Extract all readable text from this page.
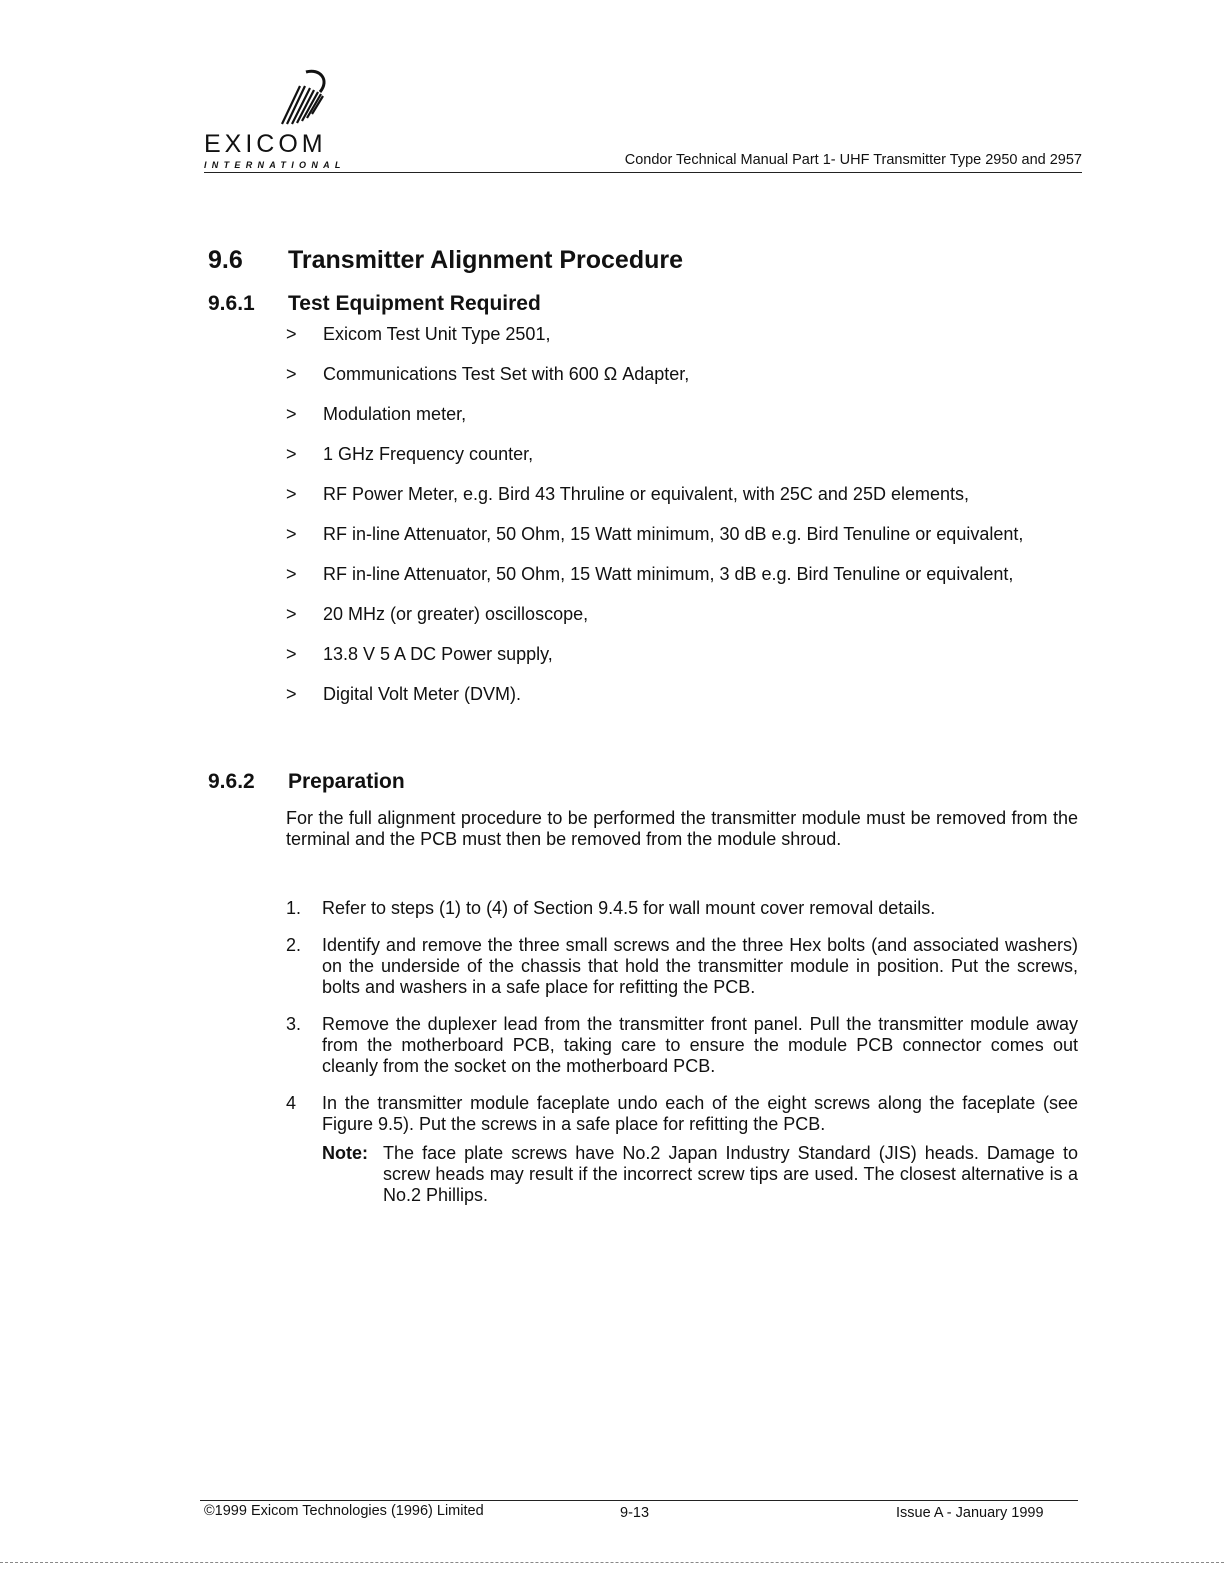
EXICOM
INTERNATIONAL	Condor Technical Manual Part 1- UHF Transmitter Type 2950 and 2957
9.6 Transmitter Alignment Procedure
9.6.1 Test Equipment Required
> Exicom Test Unit Type 2501,
> Communications Test Set with 600 Ω Adapter,
> Modulation meter,
> 1 GHz Frequency counter,
> RF Power Meter, e.g. Bird 43 Thruline or equivalent, with 25C and 25D elements,
> RF in-line Attenuator, 50 Ohm, 15 Watt minimum, 30 dB e.g. Bird Tenuline or equivalent,
> RF in-line Attenuator, 50 Ohm, 15 Watt minimum, 3 dB e.g. Bird Tenuline or equivalent,
> 20 MHz (or greater) oscilloscope,
> 13.8 V 5 A DC Power supply,
> Digital Volt Meter (DVM).
9.6.2 Preparation
For the full alignment procedure to be performed the transmitter module must be removed from the terminal and the PCB must then be removed from the module shroud.
1. Refer to steps (1) to (4) of Section 9.4.5 for wall mount cover removal details.
2. Identify and remove the three small screws and the three Hex bolts (and associated washers) on the underside of the chassis that hold the transmitter module in position. Put the screws, bolts and washers in a safe place for refitting the PCB.
3. Remove the duplexer lead from the transmitter front panel. Pull the transmitter module away from the motherboard PCB, taking care to ensure the module PCB connector comes out cleanly from the socket on the motherboard PCB.
4 In the transmitter module faceplate undo each of the eight screws along the faceplate (see Figure 9.5). Put the screws in a safe place for refitting the PCB.
Note: The face plate screws have No.2 Japan Industry Standard (JIS) heads. Damage to screw heads may result if the incorrect screw tips are used. The closest alternative is a No.2 Phillips.
©1999 Exicom Technologies (1996) Limited	9-13	Issue A - January 1999
